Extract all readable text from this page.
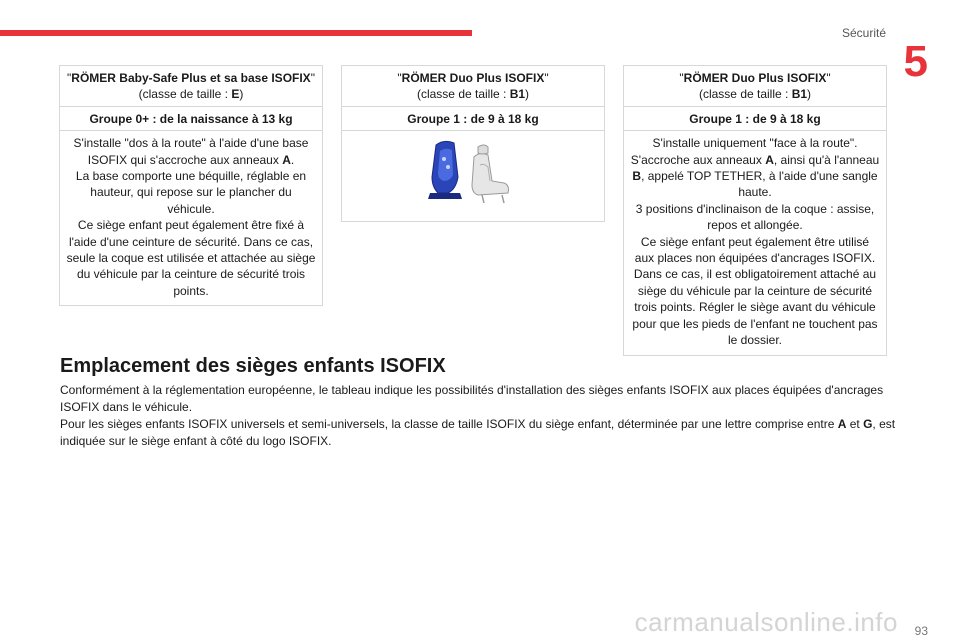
Sécurité
5
"RÖMER Baby-Safe Plus et sa base ISOFIX"
(classe de taille : E)
Groupe 0+ : de la naissance à 13 kg
S'installe "dos à la route" à l'aide d'une base ISOFIX qui s'accroche aux anneaux A.
La base comporte une béquille, réglable en hauteur, qui repose sur le plancher du véhicule.
Ce siège enfant peut également être fixé à l'aide d'une ceinture de sécurité. Dans ce cas, seule la coque est utilisée et attachée au siège du véhicule par la ceinture de sécurité trois points.
"RÖMER Duo Plus ISOFIX"
(classe de taille : B1)
Groupe 1 : de 9 à 18 kg
"RÖMER Duo Plus ISOFIX"
(classe de taille : B1)
Groupe 1 : de 9 à 18 kg
S'installe uniquement "face à la route".
S'accroche aux anneaux A, ainsi qu'à l'anneau B, appelé TOP TETHER, à l'aide d'une sangle haute.
3 positions d'inclinaison de la coque : assise, repos et allongée.
Ce siège enfant peut également être utilisé aux places non équipées d'ancrages ISOFIX. Dans ce cas, il est obligatoirement attaché au siège du véhicule par la ceinture de sécurité trois points. Régler le siège avant du véhicule pour que les pieds de l'enfant ne touchent pas le dossier.
Emplacement des sièges enfants ISOFIX

Conformément à la réglementation européenne, le tableau indique les possibilités d'installation des sièges enfants ISOFIX aux places équipées d'ancrages ISOFIX dans le véhicule.

Pour les sièges enfants ISOFIX universels et semi-universels, la classe de taille ISOFIX du siège enfant, déterminée par une lettre comprise entre A et G, est indiquée sur le siège enfant à côté du logo ISOFIX.

carmanualsonline.info 93
